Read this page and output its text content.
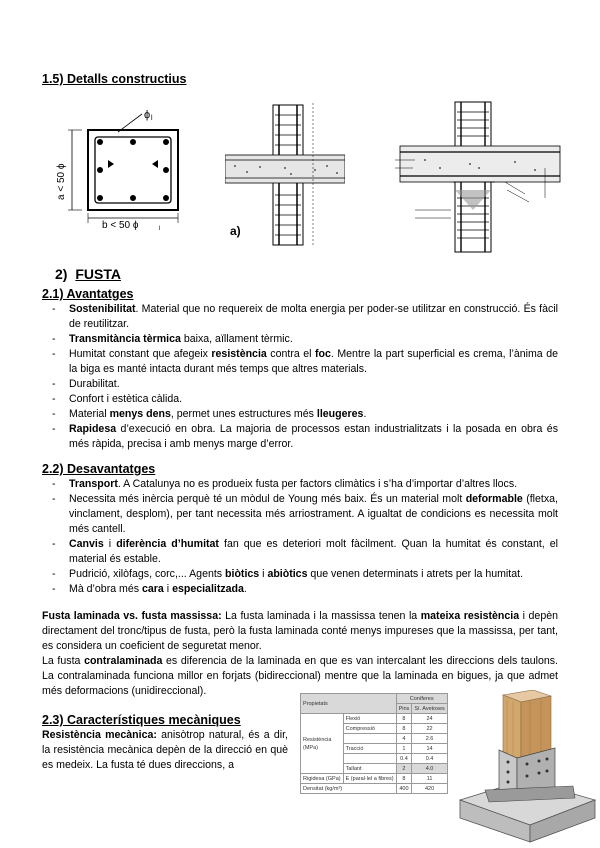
1.5) Detalls constructius
ϕ l
a < 50 ϕ
b < 50 ϕ	l	a)
2) FUSTA
2.1) Avantatges
- Sostenibilitat. Material que no requereix de molta energia per poder-se utilitzar en construcció. És fàcil de reutilitzar.
- Transmitància tèrmica baixa, aïllament tèrmic.
- Humitat constant que afegeix resistència contra el foc. Mentre la part superficial es crema, l’ànima de la biga es manté intacta durant més temps que altres materials.
- Durabilitat.
- Confort i estètica càlida.
- Material menys dens, permet unes estructures més lleugeres.
- Rapidesa d’execució en obra. La majoria de processos estan industrialitzats i la posada en obra és més ràpida, precisa i amb menys marge d’error.
2.2) Desavantatges
- Transport. A Catalunya no es produeix fusta per factors climàtics i s’ha d’importar d’altres llocs.
- Necessita més inèrcia perquè té un mòdul de Young més baix. És un material molt deformable (fletxa, vinclament, desplom), per tant necessita més arriostrament. A igualtat de condicions es necessita molt més cantell.
- Canvis i diferència d’humitat fan que es deteriori molt fàcilment. Quan la humitat és constant, el material és estable.
- Pudrició, xilòfags, corc,... Agents biòtics i abiòtics que venen determinats i atrets per la humitat.
- Mà d’obra més cara i especialitzada.

Fusta laminada vs. fusta massissa: La fusta laminada i la massissa tenen la mateixa resistència i depèn directament del tronc/tipus de fusta, però la fusta laminada conté menys impureses que la massissa, per tant, es considera un coeficient de seguretat menor.

La fusta contralaminada es diferencia de la laminada en que es van intercalant les direccions dels taulons. La contralaminada funciona millor en forjats (bidireccional) mentre que la laminada en bigues, ja que admet més deformacions (unidireccional).

2.3) Característiques mecàniques

Resistència mecànica: anisòtrop natural, és a dir, la resistència mecànica depèn de la direcció en què es medeix. La fusta té dues direccions, a

Propietats		Coníferes	
		Pins	Sí. Avetoses
Resistència (MPa)	Flexió	8	24
	Compressió	8	22
		4	2.6
	Tracció	1	14
		0.4	0.4
	Tallant	2	4.0
Rigidesa (GPa)	E (paral·lel a fibres)	8	11
Densitat (kg/m³)		400	420
